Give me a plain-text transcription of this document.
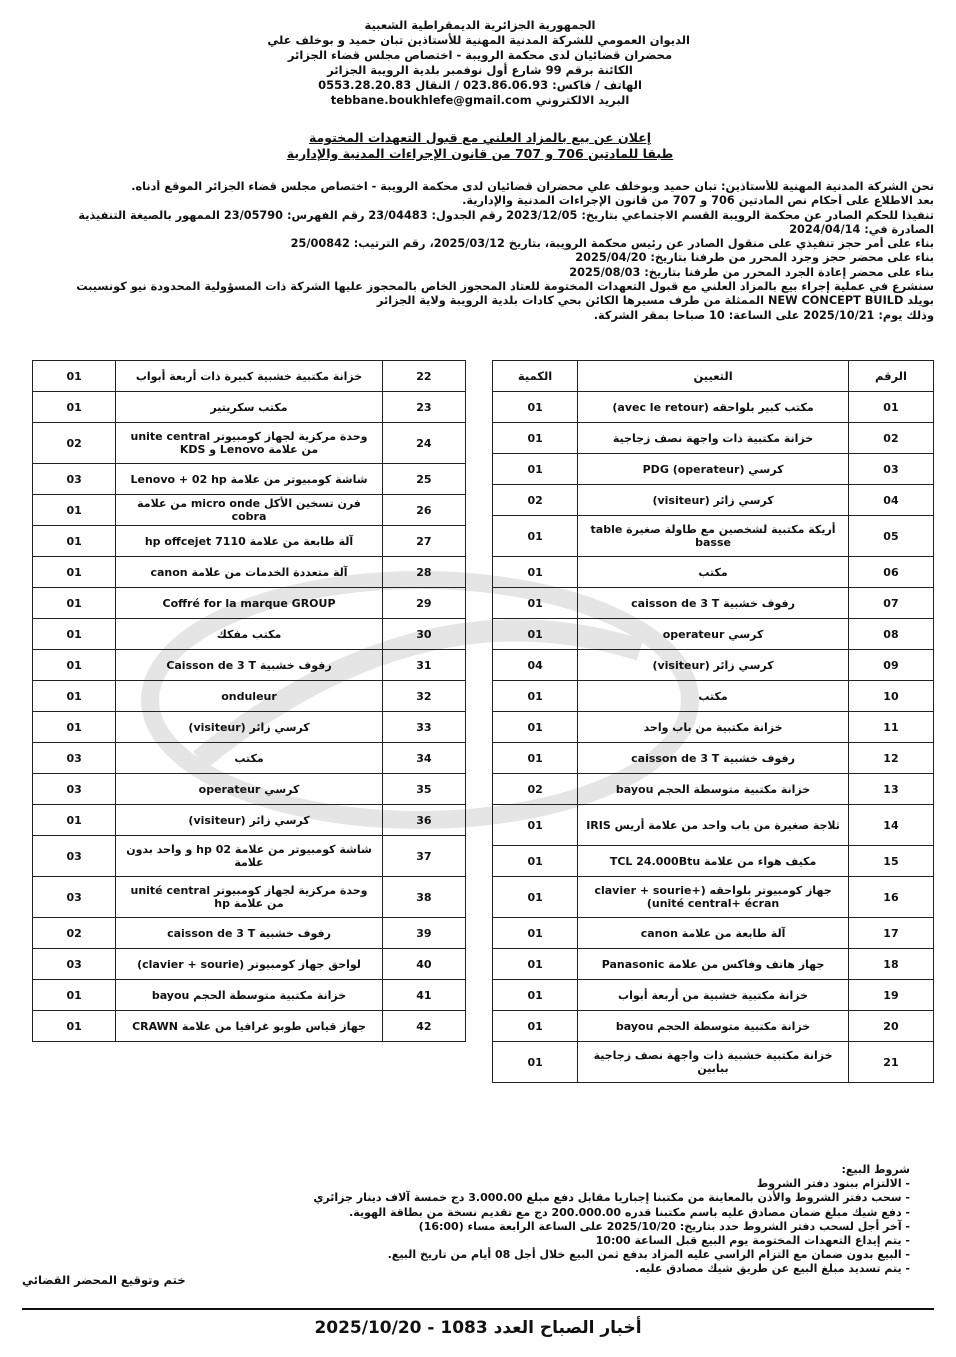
الجمهورية الجزائرية الديمقراطية الشعبية
الديوان العمومي للشركة المدنية المهنية للأستاذين تبان حميد و بوخلف علي
محضران قضائيان لدى محكمة الرويبة - اختصاص مجلس قضاء الجزائر
الكائنة برقم 99 شارع أول نوفمبر بلدية الرويبة الجزائر
الهاتف / فاكس: 023.86.06.93 / النقال 0553.28.20.83
البريد الالكتروني tebbane.boukhlefe@gmail.com
إعلان عن بيع بالمزاد العلني مع قبول التعهدات المختومة
طبقا للمادتين 706 و 707 من قانون الإجراءات المدنية والإدارية
نحن الشركة المدنية المهنية للأستاذين: تبان حميد وبوخلف علي محضران قضائيان لدى محكمة الرويبة - اختصاص مجلس قضاء الجزائر الموقع أدناه.
بعد الاطلاع على أحكام نص المادتين 706 و 707 من قانون الإجراءات المدنية والإدارية.
تنفيذا للحكم الصادر عن محكمة الرويبة القسم الاجتماعي بتاريخ: 2023/12/05 رقم الجدول: 23/04483 رقم الفهرس: 23/05790 الممهور بالصيغة التنفيذية
الصادرة في: 2024/04/14
بناء على أمر حجز تنفيذي على منقول الصادر عن رئيس محكمة الرويبة، بتاريخ 2025/03/12، رقم الترتيب: 25/00842
بناء على محضر حجز وجرد المحرر من طرفنا بتاريخ: 2025/04/20
بناء على محضر إعادة الجرد المحرر من طرفنا بتاريخ: 2025/08/03
سنشرع في عملية إجراء بيع بالمزاد العلني مع قبول التعهدات المختومة للعتاد المحجوز الخاص بالمحجوز عليها الشركة ذات المسؤولية المحدودة نيو كونسيبت
بويلد NEW CONCEPT BUILD الممثلة من طرف مسيرها الكائن بحي كادات بلدية الرويبة ولاية الجزائر
وذلك يوم: 2025/10/21 على الساعة: 10 صباحا بمقر الشركة.
الرقم	التعيين	الكمية
01	مكتب كبير بلواحقه (avec le retour)	01
02	خزانة مكتبية ذات واجهة نصف زجاجية	01
03	كرسي (operateur) PDG	01
04	كرسي زائر (visiteur)	02
05	أريكة مكتبية لشخصين مع طاولة صغيرة table basse	01
06	مكتب	01
07	رفوف خشبية caisson de 3 T	01
08	كرسي operateur	01
09	كرسي زائر (visiteur)	04
10	مكتب	01
11	خزانة مكتبية من باب واحد	01
12	رفوف خشبية caisson de 3 T	01
13	خزانة مكتبية متوسطة الحجم bayou	02
14	ثلاجة صغيرة من باب واحد من علامة أريس IRIS	01
15	مكيف هواء من علامة TCL 24.000Btu	01
16	جهاز كومبيوتر بلواحقه (clavier + sourie+ unité central+ écran)	01
17	آلة طابعة من علامة canon	01
18	جهاز هاتف وفاكس من علامة Panasonic	01
19	خزانة مكتبية خشبية من أربعة أبواب	01
20	خزانة مكتبية متوسطة الحجم bayou	01
21	خزانة مكتبية خشبية ذات واجهة نصف زجاجية ببابين	01
22	خزانة مكتبية خشبية كبيرة ذات أربعة أبواب	01
23	مكتب سكريتير	01
24	وحدة مركزية لجهاز كومبيوتر unite central من علامة Lenovo و KDS	02
25	شاشة كومبيوتر من علامة Lenovo + 02 hp	03
26	فرن تسخين الأكل micro onde من علامة cobra	01
27	آلة طابعة من علامة hp offcejet 7110	01
28	آلة متعددة الخدمات من علامة canon	01
29	Coffré for la marque GROUP	01
30	مكتب مفكك	01
31	رفوف خشبية Caisson de 3 T	01
32	onduleur	01
33	كرسي زائر (visiteur)	01
34	مكتب	03
35	كرسي operateur	03
36	كرسي زائر (visiteur)	01
37	شاشة كومبيوتر من علامة 02 hp و واحد بدون علامة	03
38	وحدة مركزية لجهاز كومبيوتر unité central من علامة hp	03
39	رفوف خشبية caisson de 3 T	02
40	لواحق جهاز كومبيوتر (clavier + sourie)	03
41	خزانة مكتبية متوسطة الحجم bayou	01
42	جهاز قياس طوبو غرافيا من علامة CRAWN	01
شروط البيع:
- الالتزام ببنود دفتر الشروط
- سحب دفتر الشروط والأذن بالمعاينة من مكتبنا إجباريا مقابل دفع مبلغ 3.000.00 دج خمسة آلاف دينار جزائري
- دفع شيك مبلغ ضمان مصادق عليه باسم مكتبنا قدره 200.000.00 دج مع تقديم نسخة من بطاقة الهوية.
- آخر أجل لسحب دفتر الشروط حدد بتاريخ: 2025/10/20 على الساعة الرابعة مساء (16:00)
- يتم إيداع التعهدات المختومة يوم البيع قبل الساعة 10:00
- البيع بدون ضمان مع التزام الراسي عليه المزاد بدفع ثمن البيع خلال أجل 08 أيام من تاريخ البيع.
- يتم تسديد مبلغ البيع عن طريق شيك مصادق عليه.
ختم وتوقيع المحضر القضائي
أخبار الصباح العدد 1083 - 2025/10/20
